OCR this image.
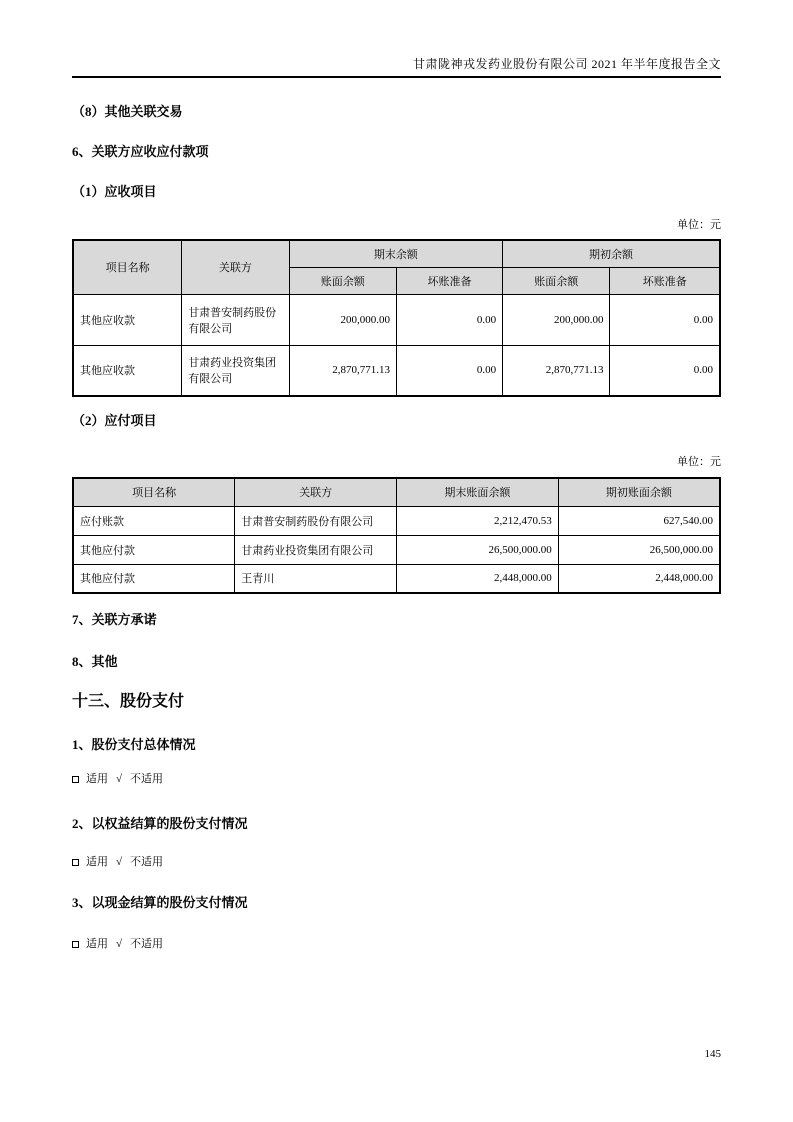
甘肃陇神戎发药业股份有限公司 2021 年半年度报告全文
（8）其他关联交易
6、关联方应收应付款项
（1）应收项目
单位：元
项目名称	关联方	期末余额		期初余额	
		账面余额	坏账准备	账面余额	坏账准备
其他应收款	甘肃普安制药股份有限公司	200,000.00	0.00	200,000.00	0.00
其他应收款	甘肃药业投资集团有限公司	2,870,771.13	0.00	2,870,771.13	0.00
（2）应付项目
单位：元
项目名称	关联方	期末账面余额	期初账面余额
应付账款	甘肃普安制药股份有限公司	2,212,470.53	627,540.00
其他应付款	甘肃药业投资集团有限公司	26,500,000.00	26,500,000.00
其他应付款	王青川	2,448,000.00	2,448,000.00
7、关联方承诺
8、其他
十三、股份支付
1、股份支付总体情况
适用 √ 不适用
2、以权益结算的股份支付情况
适用 √ 不适用
3、以现金结算的股份支付情况
适用 √ 不适用
145
